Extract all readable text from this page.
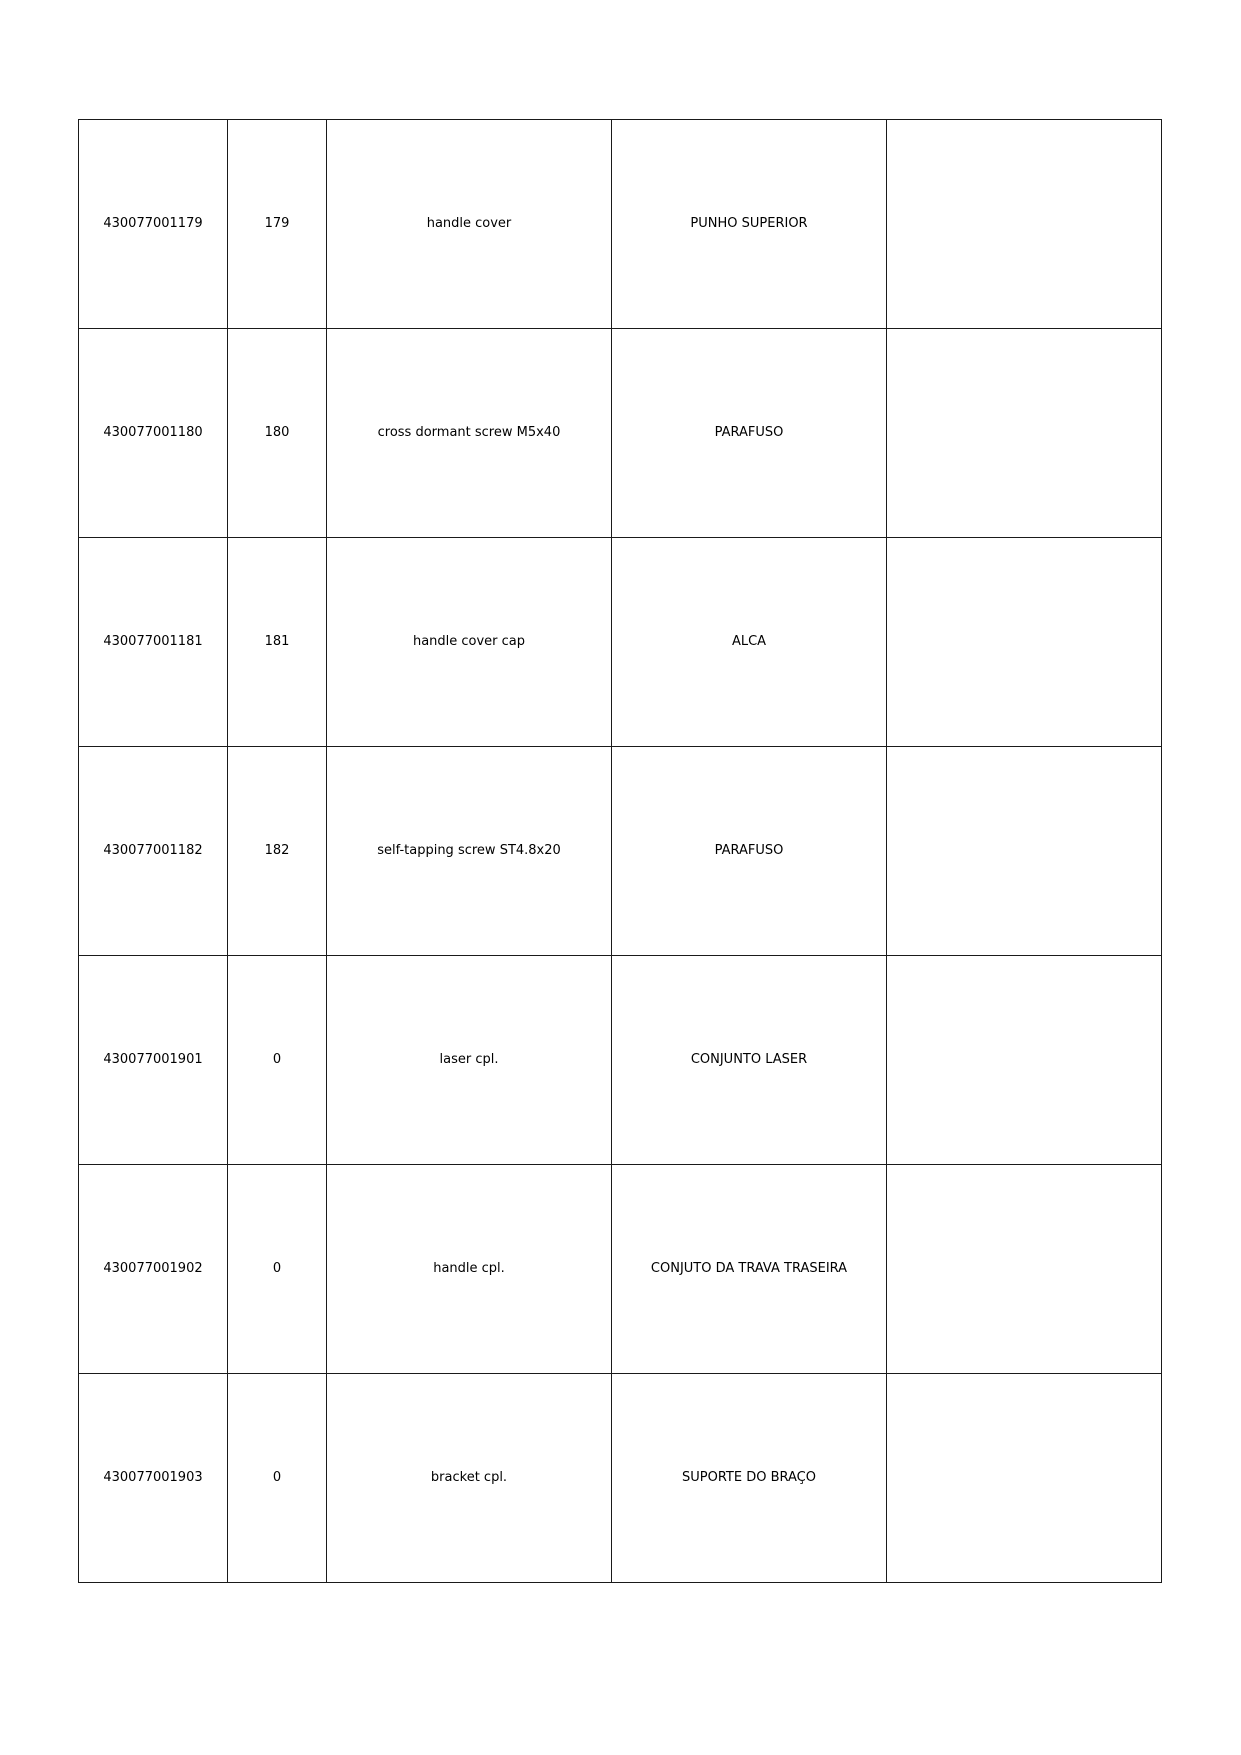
430077001179	179	handle cover	PUNHO SUPERIOR	
430077001180	180	cross dormant screw M5x40	PARAFUSO	
430077001181	181	handle cover cap	ALCA	
430077001182	182	self-tapping screw ST4.8x20	PARAFUSO	
430077001901	0	laser cpl.	CONJUNTO LASER	
430077001902	0	handle cpl.	CONJUTO DA TRAVA TRASEIRA	
430077001903	0	bracket cpl.	SUPORTE DO BRAÇO	
